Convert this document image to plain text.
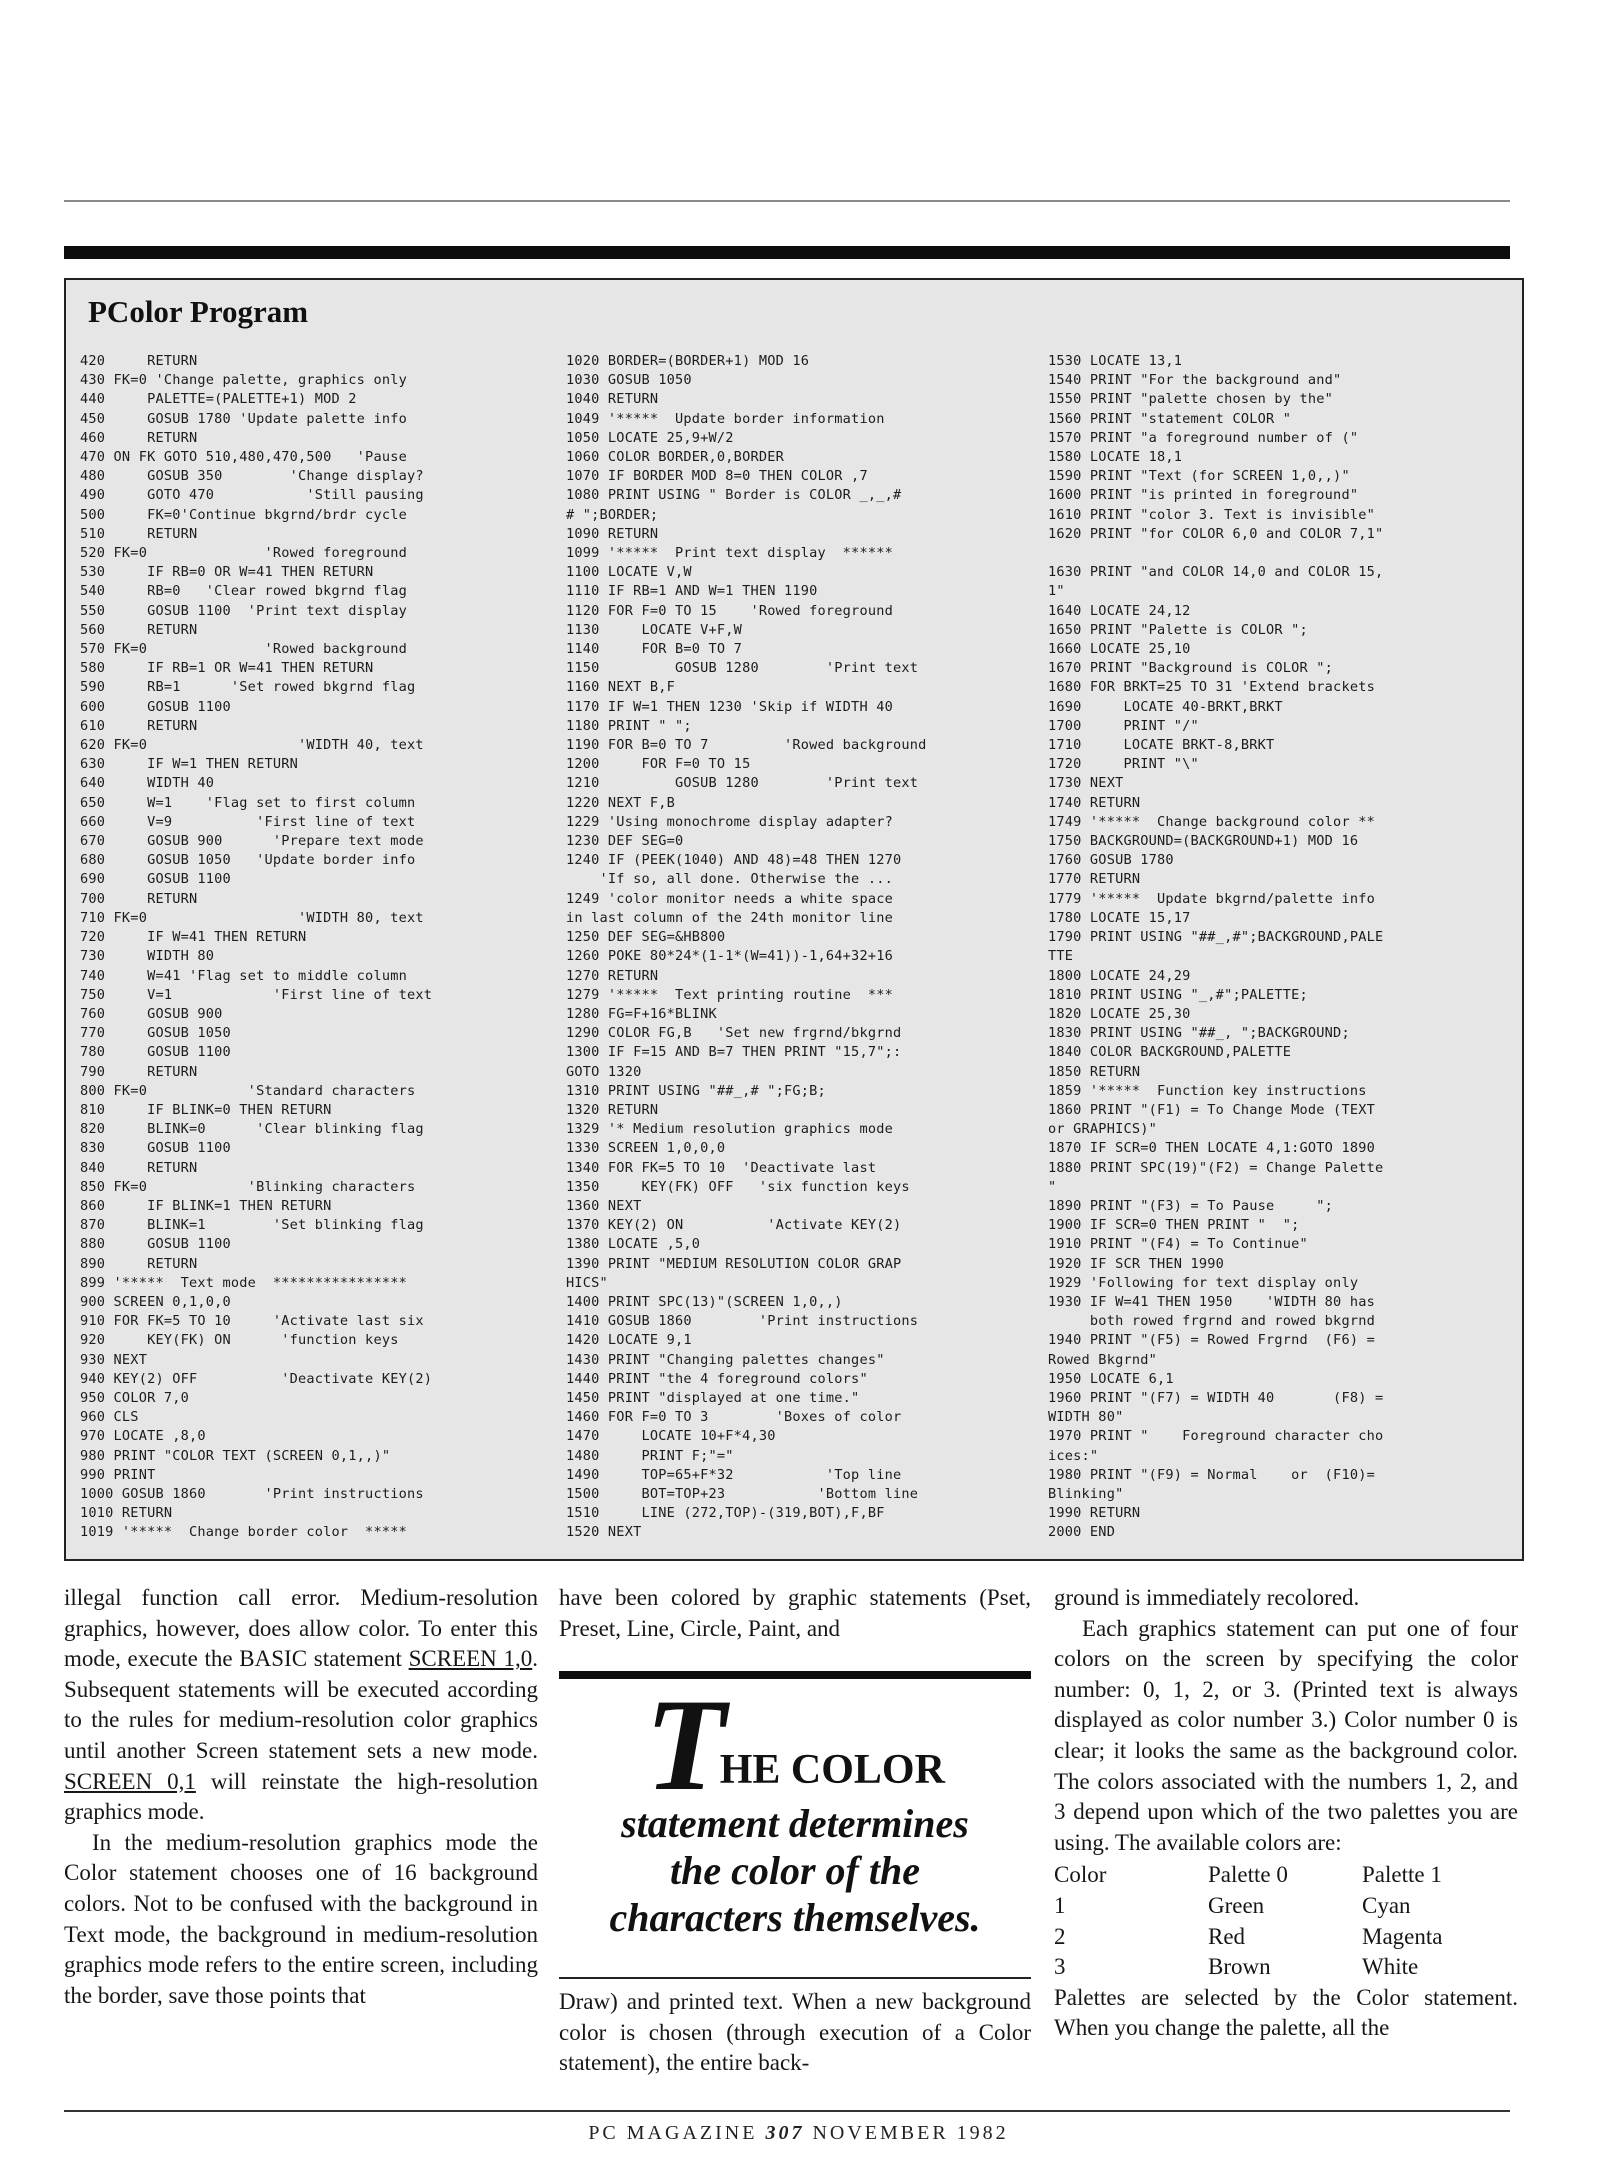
PColor Program
420     RETURN
430 FK=0 'Change palette, graphics only
440     PALETTE=(PALETTE+1) MOD 2
450     GOSUB 1780 'Update palette info
460     RETURN
470 ON FK GOTO 510,480,470,500   'Pause
480     GOSUB 350        'Change display?
490     GOTO 470           'Still pausing
500     FK=0'Continue bkgrnd/brdr cycle
510     RETURN
520 FK=0              'Rowed foreground
530     IF RB=0 OR W=41 THEN RETURN
540     RB=0   'Clear rowed bkgrnd flag
550     GOSUB 1100  'Print text display
560     RETURN
570 FK=0              'Rowed background
580     IF RB=1 OR W=41 THEN RETURN
590     RB=1      'Set rowed bkgrnd flag
600     GOSUB 1100
610     RETURN
620 FK=0                  'WIDTH 40, text
630     IF W=1 THEN RETURN
640     WIDTH 40
650     W=1    'Flag set to first column
660     V=9          'First line of text
670     GOSUB 900      'Prepare text mode
680     GOSUB 1050   'Update border info
690     GOSUB 1100
700     RETURN
710 FK=0                  'WIDTH 80, text
720     IF W=41 THEN RETURN
730     WIDTH 80
740     W=41 'Flag set to middle column
750     V=1            'First line of text
760     GOSUB 900
770     GOSUB 1050
780     GOSUB 1100
790     RETURN
800 FK=0            'Standard characters
810     IF BLINK=0 THEN RETURN
820     BLINK=0      'Clear blinking flag
830     GOSUB 1100
840     RETURN
850 FK=0            'Blinking characters
860     IF BLINK=1 THEN RETURN
870     BLINK=1        'Set blinking flag
880     GOSUB 1100
890     RETURN
899 '*****  Text mode  ****************
900 SCREEN 0,1,0,0
910 FOR FK=5 TO 10     'Activate last six
920     KEY(FK) ON      'function keys
930 NEXT
940 KEY(2) OFF          'Deactivate KEY(2)
950 COLOR 7,0
960 CLS
970 LOCATE ,8,0
980 PRINT "COLOR TEXT (SCREEN 0,1,,)"
990 PRINT
1000 GOSUB 1860       'Print instructions
1010 RETURN
1019 '*****  Change border color  *****
1020 BORDER=(BORDER+1) MOD 16
1030 GOSUB 1050
1040 RETURN
1049 '*****  Update border information
1050 LOCATE 25,9+W/2
1060 COLOR BORDER,0,BORDER
1070 IF BORDER MOD 8=0 THEN COLOR ,7
1080 PRINT USING " Border is COLOR _,_,#
# ";BORDER;
1090 RETURN
1099 '*****  Print text display  ******
1100 LOCATE V,W
1110 IF RB=1 AND W=1 THEN 1190
1120 FOR F=0 TO 15    'Rowed foreground
1130     LOCATE V+F,W
1140     FOR B=0 TO 7
1150         GOSUB 1280        'Print text
1160 NEXT B,F
1170 IF W=1 THEN 1230 'Skip if WIDTH 40
1180 PRINT " ";
1190 FOR B=0 TO 7         'Rowed background
1200     FOR F=0 TO 15
1210         GOSUB 1280        'Print text
1220 NEXT F,B
1229 'Using monochrome display adapter?
1230 DEF SEG=0
1240 IF (PEEK(1040) AND 48)=48 THEN 1270
'If so, all done. Otherwise the ...
1249 'color monitor needs a white space
in last column of the 24th monitor line
1250 DEF SEG=&HB800
1260 POKE 80*24*(1-1*(W=41))-1,64+32+16
1270 RETURN
1279 '*****  Text printing routine  ***
1280 FG=F+16*BLINK
1290 COLOR FG,B   'Set new frgrnd/bkgrnd
1300 IF F=15 AND B=7 THEN PRINT "15,7";:
GOTO 1320
1310 PRINT USING "##_,# ";FG;B;
1320 RETURN
1329 '* Medium resolution graphics mode
1330 SCREEN 1,0,0,0
1340 FOR FK=5 TO 10  'Deactivate last
1350     KEY(FK) OFF   'six function keys
1360 NEXT
1370 KEY(2) ON          'Activate KEY(2)
1380 LOCATE ,5,0
1390 PRINT "MEDIUM RESOLUTION COLOR GRAP
HICS"
1400 PRINT SPC(13)"(SCREEN 1,0,,)
1410 GOSUB 1860        'Print instructions
1420 LOCATE 9,1
1430 PRINT "Changing palettes changes"
1440 PRINT "the 4 foreground colors"
1450 PRINT "displayed at one time."
1460 FOR F=0 TO 3        'Boxes of color
1470     LOCATE 10+F*4,30
1480     PRINT F;"="
1490     TOP=65+F*32           'Top line
1500     BOT=TOP+23           'Bottom line
1510     LINE (272,TOP)-(319,BOT),F,BF
1520 NEXT
1530 LOCATE 13,1
1540 PRINT "For the background and"
1550 PRINT "palette chosen by the"
1560 PRINT "statement COLOR "
1570 PRINT "a foreground number of ("
1580 LOCATE 18,1
1590 PRINT "Text (for SCREEN 1,0,,)"
1600 PRINT "is printed in foreground"
1610 PRINT "color 3. Text is invisible"
1620 PRINT "for COLOR 6,0 and COLOR 7,1"

1630 PRINT "and COLOR 14,0 and COLOR 15,
1"
1640 LOCATE 24,12
1650 PRINT "Palette is COLOR ";
1660 LOCATE 25,10
1670 PRINT "Background is COLOR ";
1680 FOR BRKT=25 TO 31 'Extend brackets
1690     LOCATE 40-BRKT,BRKT
1700     PRINT "/"
1710     LOCATE BRKT-8,BRKT
1720     PRINT "\"
1730 NEXT
1740 RETURN
1749 '*****  Change background color **
1750 BACKGROUND=(BACKGROUND+1) MOD 16
1760 GOSUB 1780
1770 RETURN
1779 '*****  Update bkgrnd/palette info
1780 LOCATE 15,17
1790 PRINT USING "##_,#";BACKGROUND,PALE
TTE
1800 LOCATE 24,29
1810 PRINT USING "_,#";PALETTE;
1820 LOCATE 25,30
1830 PRINT USING "##_, ";BACKGROUND;
1840 COLOR BACKGROUND,PALETTE
1850 RETURN
1859 '*****  Function key instructions
1860 PRINT "(F1) = To Change Mode (TEXT
or GRAPHICS)"
1870 IF SCR=0 THEN LOCATE 4,1:GOTO 1890
1880 PRINT SPC(19)"(F2) = Change Palette
"
1890 PRINT "(F3) = To Pause     ";
1900 IF SCR=0 THEN PRINT "  ";
1910 PRINT "(F4) = To Continue"
1920 IF SCR THEN 1990
1929 'Following for text display only
1930 IF W=41 THEN 1950    'WIDTH 80 has
both rowed frgrnd and rowed bkgrnd
1940 PRINT "(F5) = Rowed Frgrnd  (F6) =
Rowed Bkgrnd"
1950 LOCATE 6,1
1960 PRINT "(F7) = WIDTH 40       (F8) =
WIDTH 80"
1970 PRINT "    Foreground character cho
ices:"
1980 PRINT "(F9) = Normal    or  (F10)=
Blinking"
1990 RETURN
2000 END

illegal function call error. Medium-resolution graphics, however, does allow color. To enter this mode, execute the BASIC statement SCREEN 1,0. Subsequent statements will be executed according to the rules for medium-resolution color graphics until another Screen statement sets a new mode. SCREEN 0,1 will reinstate the high-resolution graphics mode.

In the medium-resolution graphics mode the Color statement chooses one of 16 background colors. Not to be confused with the background in Text mode, the background in medium-resolution graphics mode refers to the entire screen, including the border, save those points that

have been colored by graphic statements (Pset, Preset, Line, Circle, Paint, and

THE COLOR
statement determines
the color of the
characters themselves.

Draw) and printed text. When a new background color is chosen (through execution of a Color statement), the entire back-

ground is immediately recolored.

Each graphics statement can put one of four colors on the screen by specifying the color number: 0, 1, 2, or 3. (Printed text is always displayed as color number 3.) Color number 0 is clear; it looks the same as the background color. The colors associated with the numbers 1, 2, and 3 depend upon which of the two palettes you are using. The available colors are:

Color	Palette 0	Palette 1
1	Green	Cyan
2	Red	Magenta
3	Brown	White

Palettes are selected by the Color statement. When you change the palette, all the

PC MAGAZINE 307 NOVEMBER 1982
